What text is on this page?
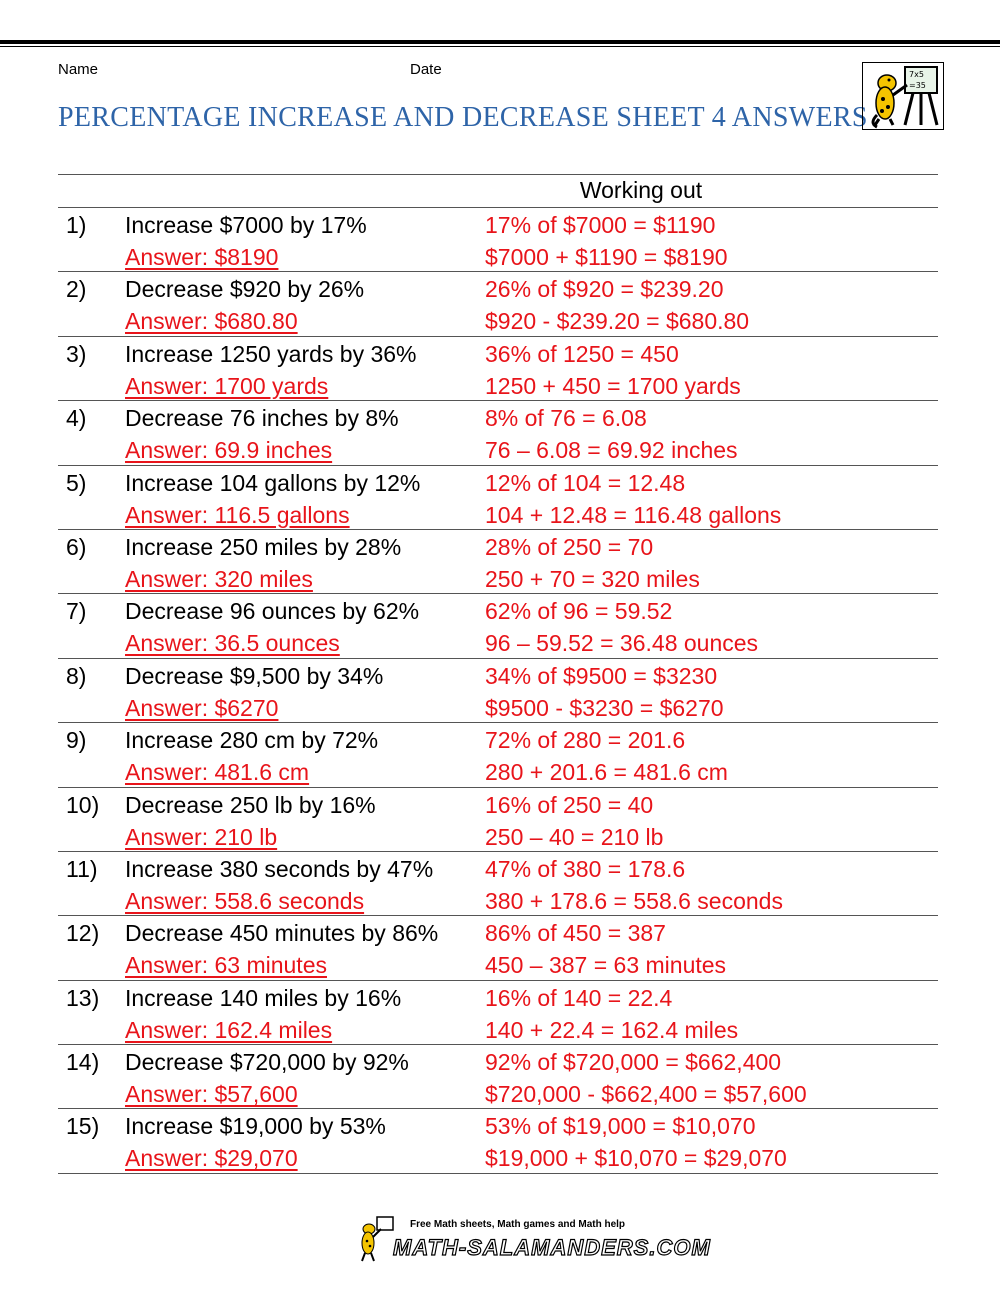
Name	Date
PERCENTAGE INCREASE AND DECREASE SHEET 4 ANSWERS
7x5
=35
Working out
1) Increase $7000 by 17%
Answer: $8190
17% of $7000 = $1190
$7000 + $1190 = $8190
2) Decrease $920 by 26%
Answer: $680.80
26% of $920 = $239.20
$920 - $239.20 = $680.80
3) Increase 1250 yards by 36%
Answer: 1700 yards
36% of 1250 = 450
1250 + 450 = 1700 yards
4) Decrease 76 inches by 8%
Answer: 69.9 inches
8% of 76 = 6.08
76 – 6.08 = 69.92 inches
5) Increase 104 gallons by 12%
Answer: 116.5 gallons
12% of 104 = 12.48
104 + 12.48 = 116.48 gallons
6) Increase 250 miles by 28%
Answer: 320 miles
28% of 250 = 70
250 + 70 = 320 miles
7) Decrease 96 ounces by 62%
Answer: 36.5 ounces
62% of 96 = 59.52
96 – 59.52 = 36.48 ounces
8) Decrease $9,500 by 34%
Answer: $6270
34% of $9500 = $3230
$9500 - $3230 = $6270
9) Increase 280 cm by 72%
Answer: 481.6 cm
72% of 280 = 201.6
280 + 201.6 = 481.6 cm
10) Decrease 250 lb by 16%
Answer: 210 lb
16% of 250 = 40
250 – 40 = 210 lb
11) Increase 380 seconds by 47%
Answer: 558.6 seconds
47% of 380 = 178.6
380 + 178.6 = 558.6 seconds
12) Decrease 450 minutes by 86%
Answer: 63 minutes
86% of 450 = 387
450 – 387 = 63 minutes
13) Increase 140 miles by 16%
Answer: 162.4 miles
16% of 140 = 22.4
140 + 22.4 = 162.4 miles
14) Decrease $720,000 by 92%
Answer: $57,600
92% of $720,000 = $662,400
$720,000 - $662,400 = $57,600
15) Increase $19,000 by 53%
Answer: $29,070
53% of $19,000 = $10,070
$19,000 + $10,070 = $29,070
Free Math sheets, Math games and Math help
MATH-SALAMANDERS.COM
